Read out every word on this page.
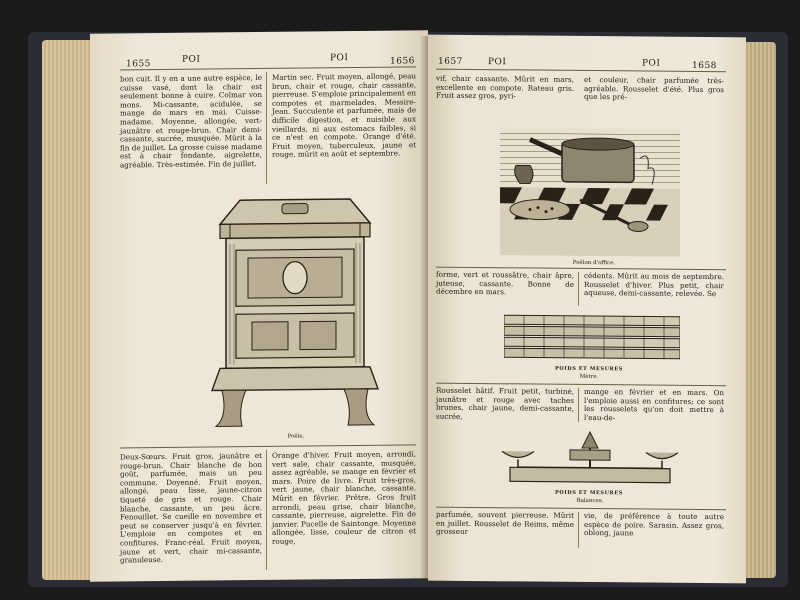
1655	POI	POI	1656
bon cuit. Il y en a une autre espèce, le cuisse vasé, dont la chair est seulement bonne à cuire. Colmar von mons. Mi-cassante, acidulée, se mange de mars en mai. Cuisse-madame. Moyenne, allongée, vert-jaunâtre et rouge-brun. Chair demi-cassante, sucrée, musquée. Mûrit à la fin de juillet. La grosse cuisse madame est à chair fondante, aigrelette, agréable. Très-estimée. Fin de juillet.
Martin sec. Fruit moyen, allongé, peau brun, chair et rouge, chair cassante, pierreuse. S'emploie principalement en compotes et marmelades. Messire-Jean. Succulente et parfumée, mais de difficile digestion, et nuisible aux vieillards, ni aux estomacs faibles, si ce n'est en compote. Orange d'été. Fruit moyen, tuberculeux, jaune et rouge, mûrit en août et septembre.
Poêle.
Deux-Sœurs. Fruit gros, jaunâtre et rouge-brun. Chair blanche de bon goût, parfumée, mais un peu commune. Doyenné. Fruit moyen, allongé, peau lisse, jaune-citron tiqueté de gris et rouge. Chair blanche, cassante, un peu âcre. Fenouillet. Se cueille en novembre et peut se conserver jusqu'à en février. L'emploie en compotes et en confitures. Franc-réal. Fruit moyen, jaune et vert, chair mi-cassante, granuleuse.
Orange d'hiver. Fruit moyen, arrondi, vert sale, chair cassante, musquée, assez agréable, se mange en février et mars. Poire de livre. Fruit très-gros, vert jaune, chair blanche, cassante. Mûrit en février. Prêtre. Gros fruit arrondi, peau grise, chair blanche, cassante, pierreuse, aigrelette. Fin de janvier. Pucelle de Saintonge. Moyenne allongée, lisse, couleur de citron et rouge,
1657	POI	POI	1658
vif, chair cassante. Mûrit en mars, excellente en compote. Rateau gris. Fruit assez gros, pyri-
et couleur, chair parfumée très-agréable. Rousselet d'été. Plus gros que les pré-
Poêlon d'office.
forme, vert et roussâtre, chair âpre, juteuse, cassante. Bonne de décembre en mars.
cédents. Mûrit au mois de septembre. Rousselet d'hiver. Plus petit, chair aqueuse, demi-cassante, relevée. Se
POIDS ET MESURES
Mètre.
Rousselet hâtif. Fruit petit, turbiné, jaunâtre et rouge avec taches brunes, chair jaune, demi-cassante, sucrée,
mange en février et en mars. On l'emploie aussi en confitures; ce sont les rousselets qu'on doit mettre à l'eau-de-
POIDS ET MESURES
Balances.
parfumée, souvent pierreuse. Mûrit en juillet. Rousselet de Reims, même grosseur
vie, de préférence à toute autre espèce de poire. Sarasin. Assez gros, oblong, jaune
